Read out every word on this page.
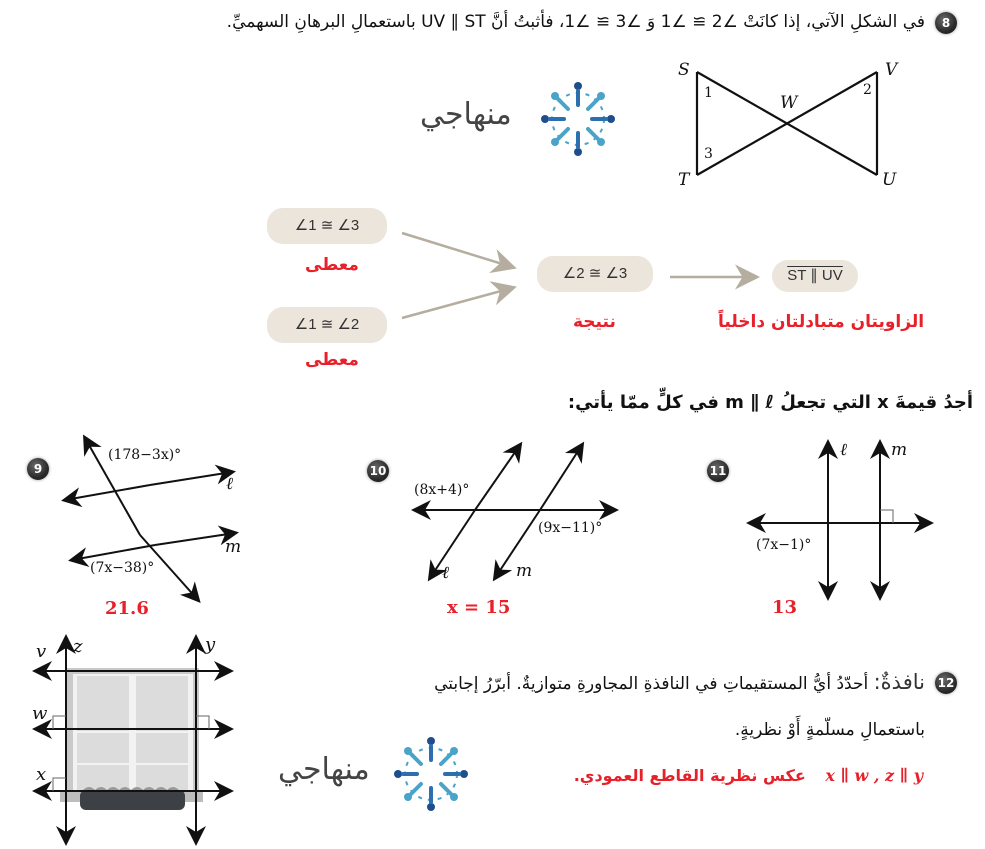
8
في الشكلِ الآتي، إذا كانَتْ ∠2 ≅ ∠1 وَ ∠3 ≅ ∠1، فأثبتُ أنَّ UV ∥ ST باستعمالِ البرهانِ السهميِّ.
S	V
W
T	U
1	2
3
منهاجي
∠1 ≅ ∠3
معطى
∠1 ≅ ∠2
معطى
∠2 ≅ ∠3
نتيجة
ST ∥ UV
الزاويتان متبادلتان داخلياً
أجدُ قيمةَ x التي تجعلُ m ∥ ℓ في كلٍّ ممّا يأتي:
9
(178−3x)°
(7x−38)°
ℓ
m
21.6
10
(8x+4)°
(9x−11)°
ℓ	m
x = 15
11
ℓ	m
(7x−1)°
13
v z	y
w
x
12
نافذةٌ: أحدّدُ أيُّ المستقيماتِ في النافذةِ المجاورةِ متوازيةٌ. أبرّرُ إجابتي
باستعمالِ مسلّمةٍ أَوْ نظريةٍ.
x ∥ w , z ∥ y عكس نظرية القاطع العمودي.
منهاجي
